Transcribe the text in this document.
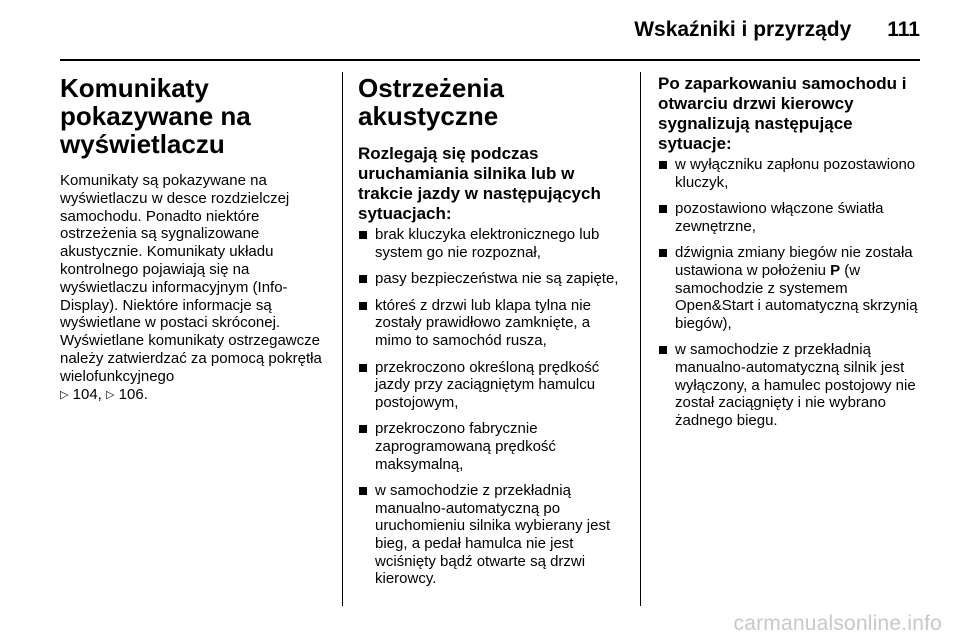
Wskaźniki i przyrządy 111
Komunikaty pokazywane na wyświetlaczu

Komunikaty są pokazywane na wyświetlaczu w desce rozdzielczej samochodu. Ponadto niektóre ostrzeżenia są sygnalizowane akustycznie. Komunikaty układu kontrolnego pojawiają się na wyświetlaczu informacyjnym (Info-Display). Niektóre informacje są wyświetlane w postaci skróconej. Wyświetlane komunikaty ostrzegawcze należy zatwierdzać za pomocą pokrętła wielofunkcyjnego
▷ 104, ▷ 106.

Ostrzeżenia akustyczne
Rozlegają się podczas uruchamiania silnika lub w trakcie jazdy w następujących sytuacjach:
brak kluczyka elektronicznego lub system go nie rozpoznał,
pasy bezpieczeństwa nie są zapięte,
któreś z drzwi lub klapa tylna nie zostały prawidłowo zamknięte, a mimo to samochód rusza,
przekroczono określoną prędkość jazdy przy zaciągniętym hamulcu postojowym,
przekroczono fabrycznie zaprogramowaną prędkość maksymalną,
w samochodzie z przekładnią manualno-automatyczną po uruchomieniu silnika wybierany jest bieg, a pedał hamulca nie jest wciśnięty bądź otwarte są drzwi kierowcy.
Po zaparkowaniu samochodu i otwarciu drzwi kierowcy sygnalizują następujące sytuacje:
w wyłączniku zapłonu pozostawiono kluczyk,
pozostawiono włączone światła zewnętrzne,
dźwignia zmiany biegów nie została ustawiona w położeniu P (w samochodzie z systemem Open&Start i automatyczną skrzynią biegów),
w samochodzie z przekładnią manualno-automatyczną silnik jest wyłączony, a hamulec postojowy nie został zaciągnięty i nie wybrano żadnego biegu.
carmanualsonline.info
